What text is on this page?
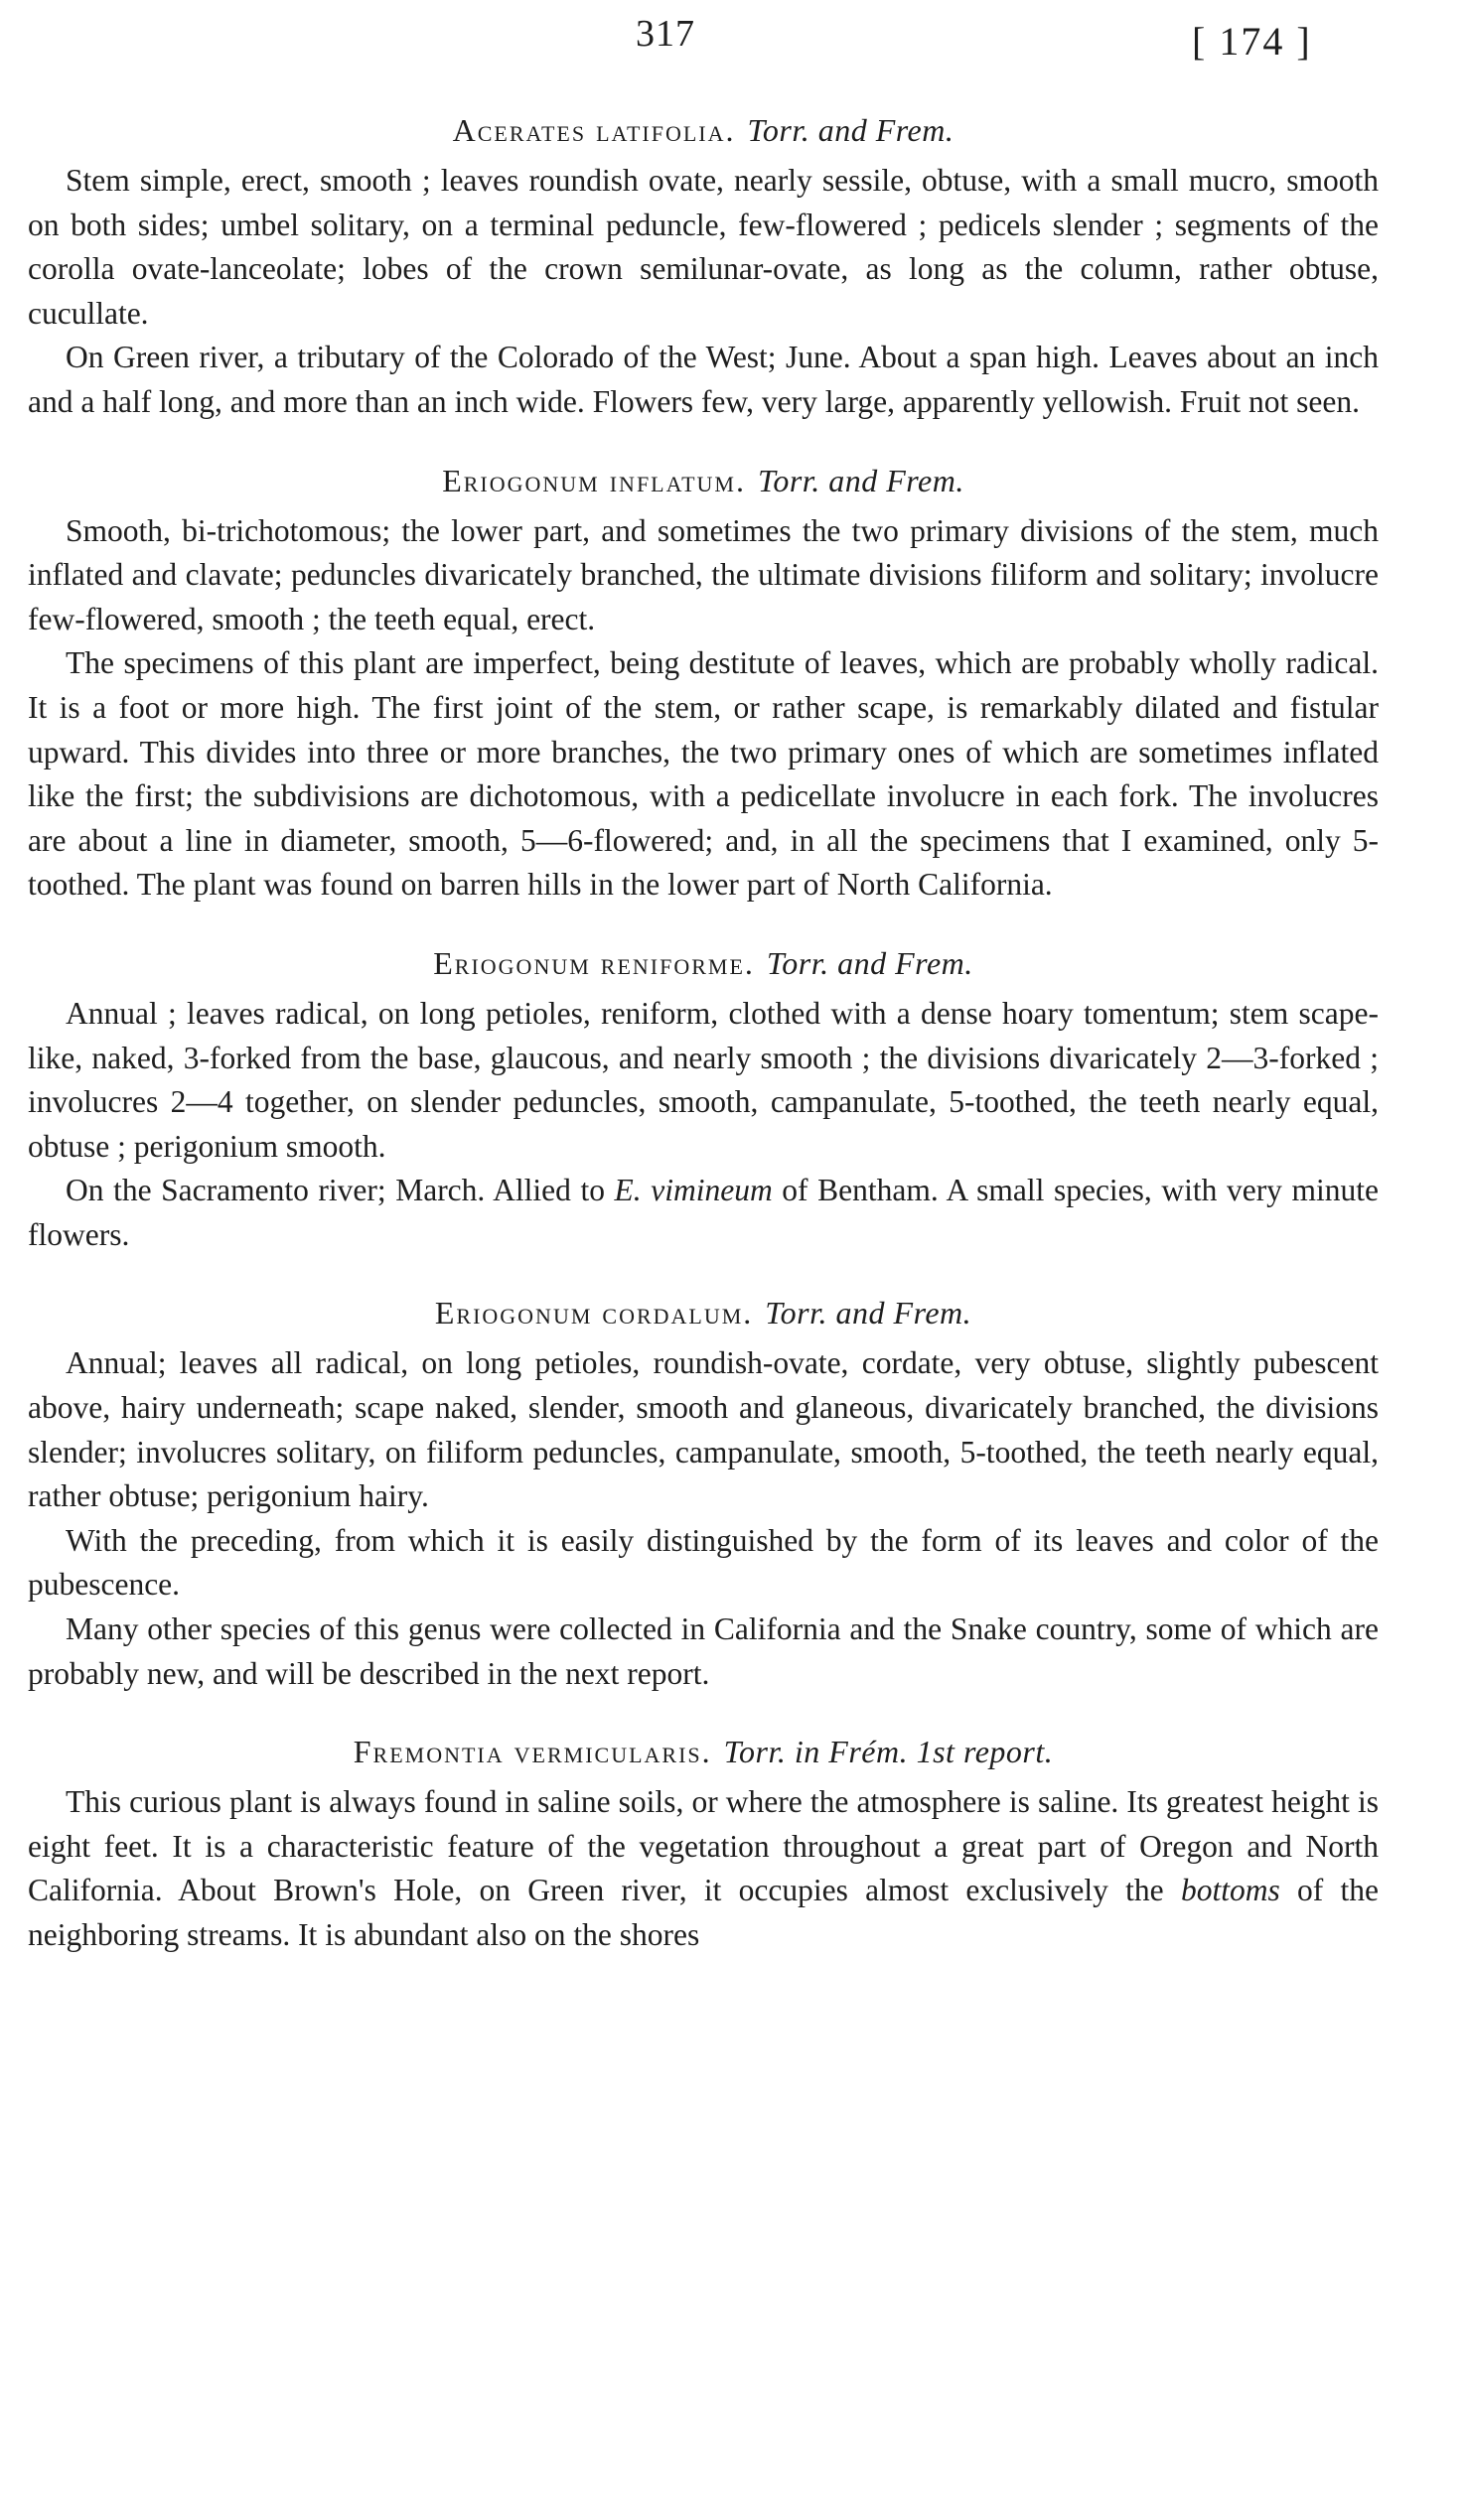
317	[ 174 ]
Acerates latifolia. Torr. and Frem.

Stem simple, erect, smooth ; leaves roundish ovate, nearly sessile, obtuse, with a small mucro, smooth on both sides; umbel solitary, on a terminal peduncle, few-flowered ; pedicels slender ; segments of the corolla ovate-lanceolate; lobes of the crown semilunar-ovate, as long as the column, rather obtuse, cucullate.

On Green river, a tributary of the Colorado of the West; June. About a span high. Leaves about an inch and a half long, and more than an inch wide. Flowers few, very large, apparently yellowish. Fruit not seen.

Eriogonum inflatum. Torr. and Frem.

Smooth, bi-trichotomous; the lower part, and sometimes the two primary divisions of the stem, much inflated and clavate; peduncles divaricately branched, the ultimate divisions filiform and solitary; involucre few-flowered, smooth ; the teeth equal, erect.

The specimens of this plant are imperfect, being destitute of leaves, which are probably wholly radical. It is a foot or more high. The first joint of the stem, or rather scape, is remarkably dilated and fistular upward. This divides into three or more branches, the two primary ones of which are sometimes inflated like the first; the subdivisions are dichotomous, with a pedicellate involucre in each fork. The involucres are about a line in diameter, smooth, 5—6-flowered; and, in all the specimens that I examined, only 5-toothed. The plant was found on barren hills in the lower part of North California.

Eriogonum reniforme. Torr. and Frem.

Annual ; leaves radical, on long petioles, reniform, clothed with a dense hoary tomentum; stem scape-like, naked, 3-forked from the base, glaucous, and nearly smooth ; the divisions divaricately 2—3-forked ; involucres 2—4 together, on slender peduncles, smooth, campanulate, 5-toothed, the teeth nearly equal, obtuse ; perigonium smooth.

On the Sacramento river; March. Allied to E. vimineum of Bentham. A small species, with very minute flowers.

Eriogonum cordalum. Torr. and Frem.

Annual; leaves all radical, on long petioles, roundish-ovate, cordate, very obtuse, slightly pubescent above, hairy underneath; scape naked, slender, smooth and glaneous, divaricately branched, the divisions slender; involucres solitary, on filiform peduncles, campanulate, smooth, 5-toothed, the teeth nearly equal, rather obtuse; perigonium hairy.

With the preceding, from which it is easily distinguished by the form of its leaves and color of the pubescence.

Many other species of this genus were collected in California and the Snake country, some of which are probably new, and will be described in the next report.

Fremontia vermicularis. Torr. in Frém. 1st report.

This curious plant is always found in saline soils, or where the atmosphere is saline. Its greatest height is eight feet. It is a characteristic feature of the vegetation throughout a great part of Oregon and North California. About Brown's Hole, on Green river, it occupies almost exclusively the bottoms of the neighboring streams. It is abundant also on the shores
